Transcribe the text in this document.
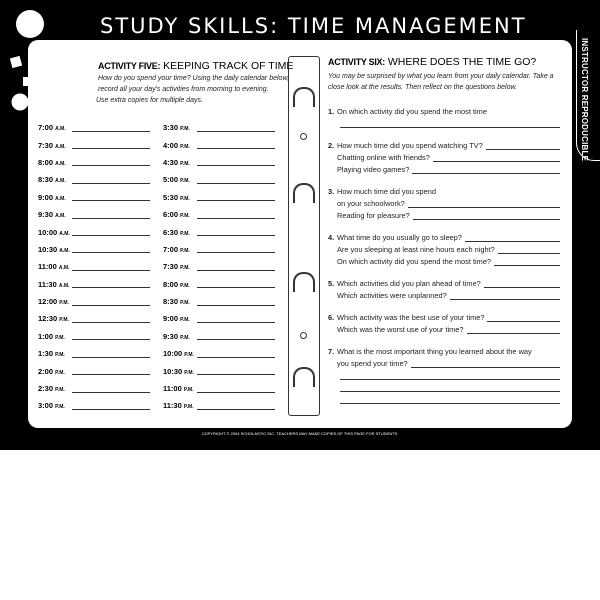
STUDY SKILLS: TIME MANAGEMENT
INSTRUCTOR REPRODUCIBLE
ACTIVITY FIVE: KEEPING TRACK OF TIME
How do you spend your time? Using the daily calendar below,
record all your day's activities from morning to evening.
Use extra copies for multiple days.
7:00 A.M.
7:30 A.M.
8:00 A.M.
8:30 A.M.
9:00 A.M.
9:30 A.M.
10:00 A.M.
10:30 A.M.
11:00 A.M.
11:30 A.M.
12:00 P.M.
12:30 P.M.
1:00 P.M.
1:30 P.M.
2:00 P.M.
2:30 P.M.
3:00 P.M.
3:30 P.M.
4:00 P.M.
4:30 P.M.
5:00 P.M.
5:30 P.M.
6:00 P.M.
6:30 P.M.
7:00 P.M.
7:30 P.M.
8:00 P.M.
8:30 P.M.
9:00 P.M.
9:30 P.M.
10:00 P.M.
10:30 P.M.
11:00 P.M.
11:30 P.M.
ACTIVITY SIX: WHERE DOES THE TIME GO?
You may be surprised by what you learn from your daily calendar. Take a
close look at the results. Then reflect on the questions below.
1. On which activity did you spend the most time
2. How much time did you spend watching TV?
Chatting online with friends?
Playing video games?
3. How much time did you spend
on your schoolwork?
Reading for pleasure?
4. What time do you usually go to sleep?
Are you sleeping at least nine hours each night?
On which activity did you spend the most time?
5. Which activities did you plan ahead of time?
Which activities were unplanned?
6. Which activity was the best use of your time?
Which was the worst use of your time?
7. What is the most important thing you learned about the way
you spend your time?
COPYRIGHT © 2004 SCHOLASTIC INC. TEACHERS MAY MAKE COPIES OF THIS PAGE FOR STUDENTS.
